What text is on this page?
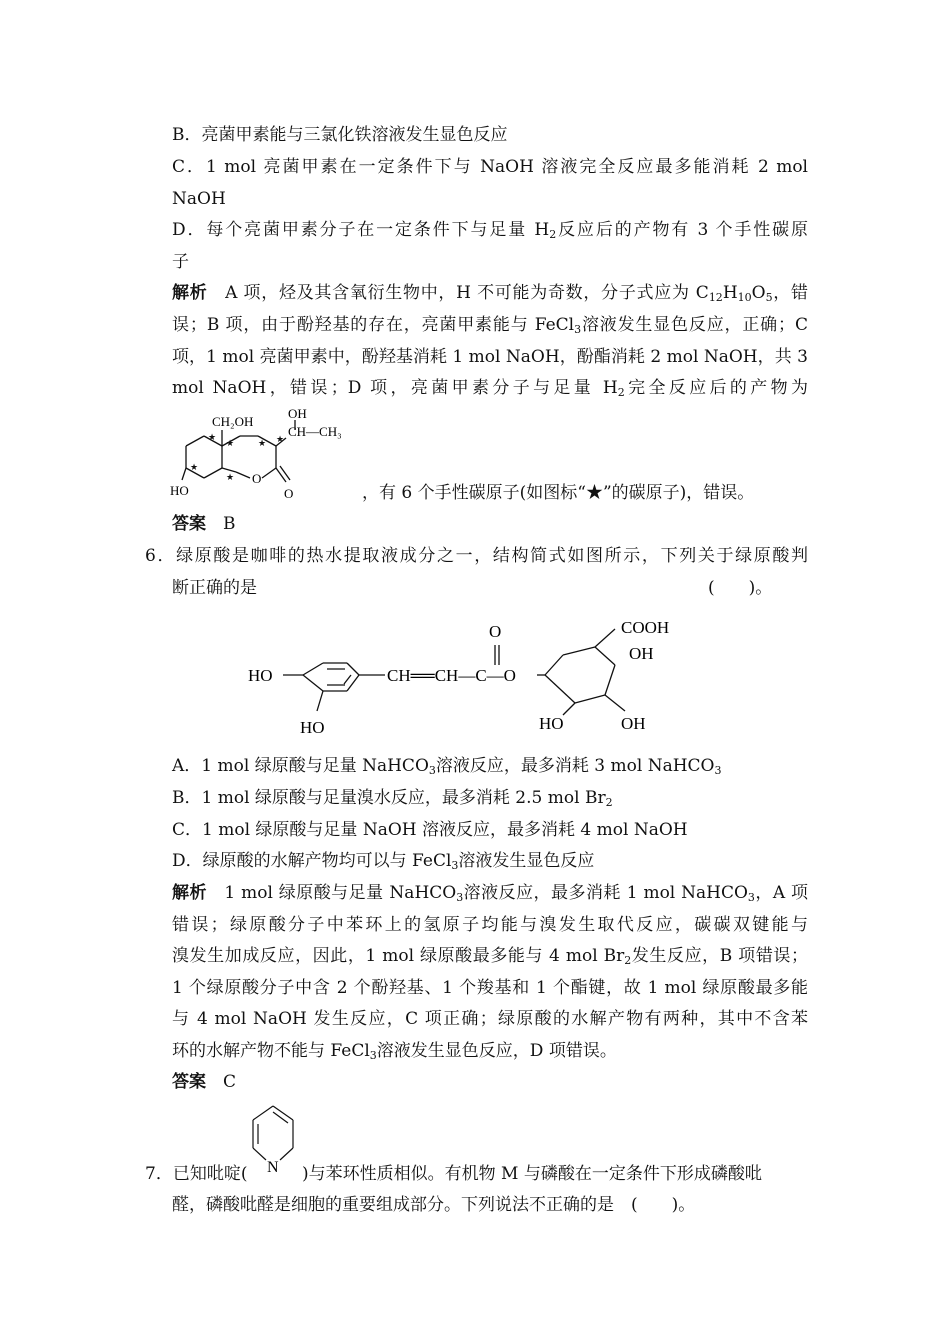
B．亮菌甲素能与三氯化铁溶液发生显色反应
C．1 mol 亮菌甲素在一定条件下与 NaOH 溶液完全反应最多能消耗 2 mol
NaOH
D．每个亮菌甲素分子在一定条件下与足量 $H_2$反应后的产物有 3 个手性碳原
子
解析　 A 项，烃及其含氧衍生物中，H 不可能为奇数，分子式应为 $C_{12}H_{10}O_5$，错
误；B 项，由于酚羟基的存在，亮菌甲素能与 FeCl$_3$溶液发生显色反应，正确；C
项，1 mol 亮菌甲素中，酚羟基消耗 1 mol NaOH，酚酯消耗 2 mol NaOH，共 3
mol NaOH，错误；D 项，亮菌甲素分子与足量 $H_2$完全反应后的产物为
CH₂OH
OH
CH—CH₃
HO
O
O
★
★	★
★
★
★
，有 6 个手性碳原子(如图标“★”的碳原子)，错误。
答案　 B
6．绿原酸是咖啡的热水提取液成分之一，结构简式如图所示，下列关于绿原酸判
断正确的是	(　　)。
HO
HO
CH══CH—C—O
O	COOH
OH
HO	OH
A．1 mol 绿原酸与足量 NaHCO$_3$溶液反应，最多消耗 3 mol NaHCO$_3$
B．1 mol 绿原酸与足量溴水反应，最多消耗 2.5 mol $Br_2$
C．1 mol 绿原酸与足量 NaOH 溶液反应，最多消耗 4 mol NaOH
D．绿原酸的水解产物均可以与 FeCl$_3$溶液发生显色反应
解析　 1 mol 绿原酸与足量 NaHCO$_3$溶液反应，最多消耗 1 mol NaHCO$_3$，A 项
错误；绿原酸分子中苯环上的氢原子均能与溴发生取代反应，碳碳双键能与
溴发生加成反应，因此，1 mol 绿原酸最多能与 4 mol $Br_2$发生反应，B 项错误；
1 个绿原酸分子中含 2 个酚羟基、1 个羧基和 1 个酯键，故 1 mol 绿原酸最多能
与 4 mol NaOH 发生反应，C 项正确；绿原酸的水解产物有两种，其中不含苯
环的水解产物不能与 FeCl$_3$溶液发生显色反应，D 项错误。
答案　 C
7．已知吡啶( N )与苯环性质相似。有机物 M 与磷酸在一定条件下形成磷酸吡
醛，磷酸吡醛是细胞的重要组成部分。下列说法不正确的是　 (　　)。
